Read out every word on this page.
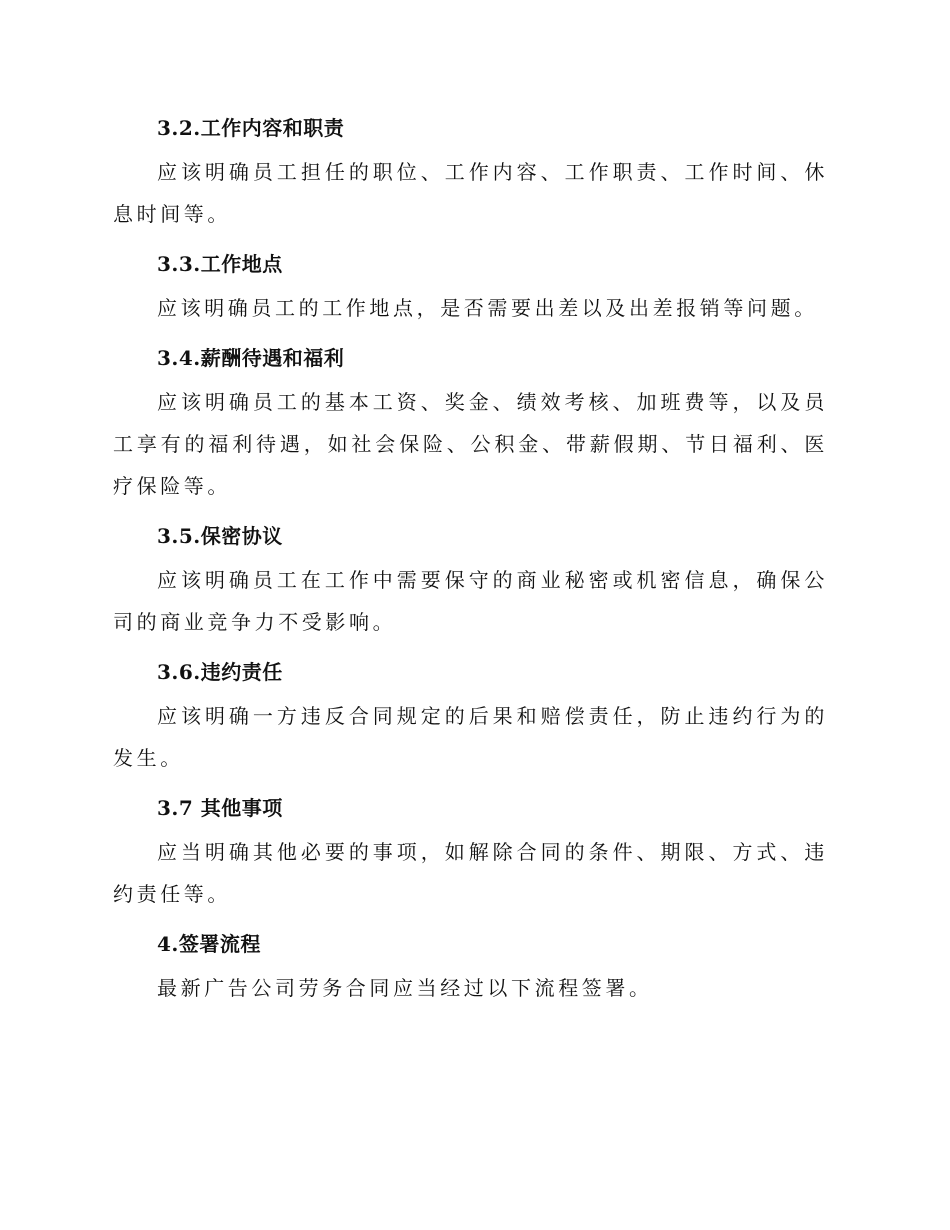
3.2.工作内容和职责

应该明确员工担任的职位、工作内容、工作职责、工作时间、休息时间等。

3.3.工作地点

应该明确员工的工作地点，是否需要出差以及出差报销等问题。

3.4.薪酬待遇和福利

应该明确员工的基本工资、奖金、绩效考核、加班费等，以及员工享有的福利待遇，如社会保险、公积金、带薪假期、节日福利、医疗保险等。

3.5.保密协议

应该明确员工在工作中需要保守的商业秘密或机密信息，确保公司的商业竞争力不受影响。

3.6.违约责任

应该明确一方违反合同规定的后果和赔偿责任，防止违约行为的发生。

3.7 其他事项

应当明确其他必要的事项，如解除合同的条件、期限、方式、违约责任等。

4.签署流程

最新广告公司劳务合同应当经过以下流程签署。
